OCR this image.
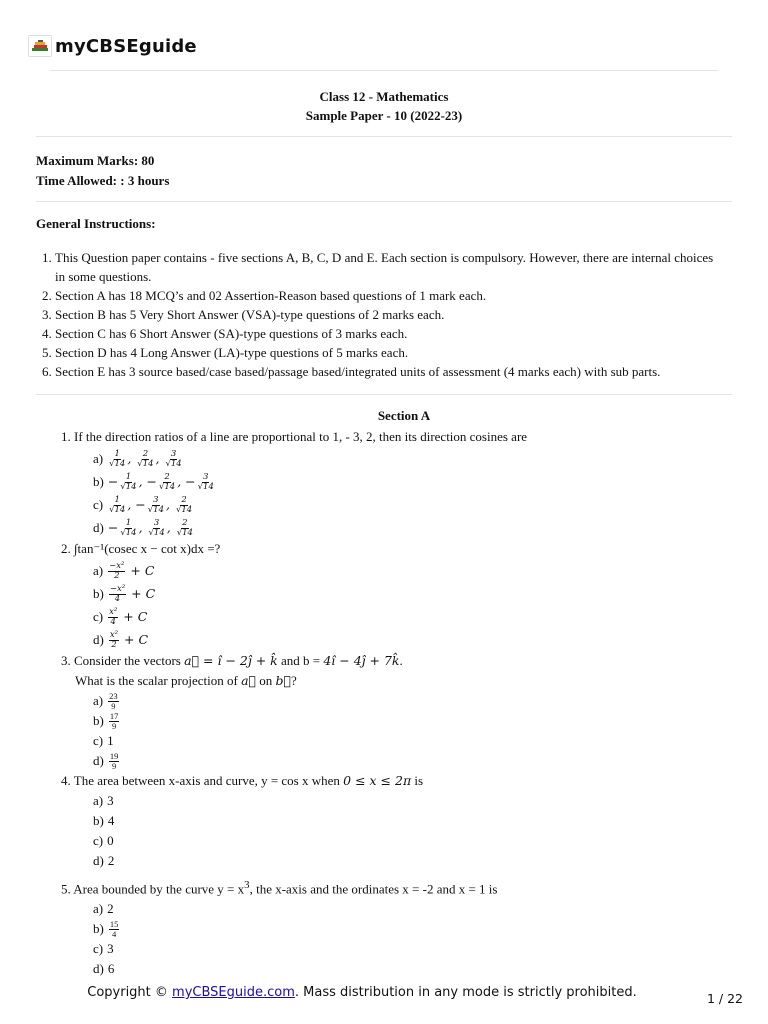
myCBSEguide
Class 12 - Mathematics
Sample Paper - 10 (2022-23)
Maximum Marks: 80
Time Allowed: : 3 hours
General Instructions:
1. This Question paper contains - five sections A, B, C, D and E. Each section is compulsory. However, there are internal choices in some questions.
2. Section A has 18 MCQ’s and 02 Assertion-Reason based questions of 1 mark each.
3. Section B has 5 Very Short Answer (VSA)-type questions of 2 marks each.
4. Section C has 6 Short Answer (SA)-type questions of 3 marks each.
5. Section D has 4 Long Answer (LA)-type questions of 5 marks each.
6. Section E has 3 source based/case based/passage based/integrated units of assessment (4 marks each) with sub parts.
Section A
1. If the direction ratios of a line are proportional to 1, - 3, 2, then its direction cosines are
$a) \frac{1}{√14}$ , $\frac{2}{√14}$ , $\frac{3}{√14}$
$b) - \frac{1}{√14}$ , − $\frac{2}{√14}$ , − $\frac{3}{√14}$
$c) \frac{1}{√14}$ , − $\frac{3}{√14}$ , $\frac{2}{√14}$
$d) - \frac{1}{√14}$ , $\frac{3}{√14}$ , $\frac{2}{√14}$
2. ∫tan⁻¹(cosec x − cot x)dx =?
$a) \frac{\text{−x²}}{2} + C$
$b) \frac{\text{−x²}}{4} + C$
$c) \frac{\text{x²}}{4} + C$
$d) \frac{\text{x²}}{2} + C$
3. Consider the vectors a⃗ = î − 2ĵ + k̂ and b = 4î − 4ĵ + 7k̂.
What is the scalar projection of a⃗ on b⃗?
a) 23
9
b) 17
9
c) 1
d) 19
9
4. The area between x-axis and curve, y = cos x when 0 ≤ x ≤ 2π is
a) 3
b) 4
c) 0
d) 2
5. Area bounded by the curve $y = x^3$, the x-axis and the ordinates x = -2 and x = 1 is
a) 2
b) 15
4
c) 3
d) 6
Copyright © myCBSEguide.com. Mass distribution in any mode is strictly prohibited.	1 / 22
